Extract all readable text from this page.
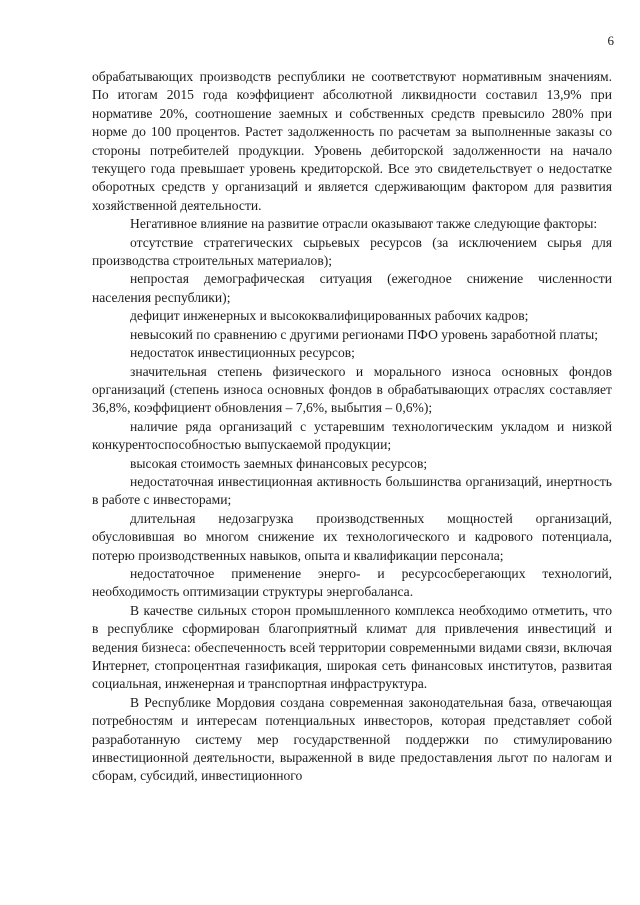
6

обрабатывающих производств республики не соответствуют нормативным значениям. По итогам 2015 года коэффициент абсолютной ликвидности составил 13,9% при нормативе 20%, соотношение заемных и собственных средств превысило 280% при норме до 100 процентов. Растет задолженность по расчетам за выполненные заказы со стороны потребителей продукции. Уровень дебиторской задолженности на начало текущего года превышает уровень кредиторской. Все это свидетельствует о недостатке оборотных средств у организаций и является сдерживающим фактором для развития хозяйственной деятельности.

Негативное влияние на развитие отрасли оказывают также следующие факторы:

отсутствие стратегических сырьевых ресурсов (за исключением сырья для производства строительных материалов);

непростая демографическая ситуация (ежегодное снижение численности населения республики);

дефицит инженерных и высококвалифицированных рабочих кадров;

невысокий по сравнению с другими регионами ПФО уровень заработной платы;

недостаток инвестиционных ресурсов;

значительная степень физического и морального износа основных фондов организаций (степень износа основных фондов в обрабатывающих отраслях составляет 36,8%, коэффициент обновления – 7,6%, выбытия – 0,6%);

наличие ряда организаций с устаревшим технологическим укладом и низкой конкурентоспособностью выпускаемой продукции;

высокая стоимость заемных финансовых ресурсов;

недостаточная инвестиционная активность большинства организаций, инертность в работе с инвесторами;

длительная недозагрузка производственных мощностей организаций, обусловившая во многом снижение их технологического и кадрового потенциала, потерю производственных навыков, опыта и квалификации персонала;

недостаточное применение энерго- и ресурсосберегающих технологий, необходимость оптимизации структуры энергобаланса.

В качестве сильных сторон промышленного комплекса необходимо отметить, что в республике сформирован благоприятный климат для привлечения инвестиций и ведения бизнеса: обеспеченность всей территории современными видами связи, включая Интернет, стопроцентная газификация, широкая сеть финансовых институтов, развитая социальная, инженерная и транспортная инфраструктура.

В Республике Мордовия создана современная законодательная база, отвечающая потребностям и интересам потенциальных инвесторов, которая представляет собой разработанную систему мер государственной поддержки по стимулированию инвестиционной деятельности, выраженной в виде предоставления льгот по налогам и сборам, субсидий, инвестиционного
